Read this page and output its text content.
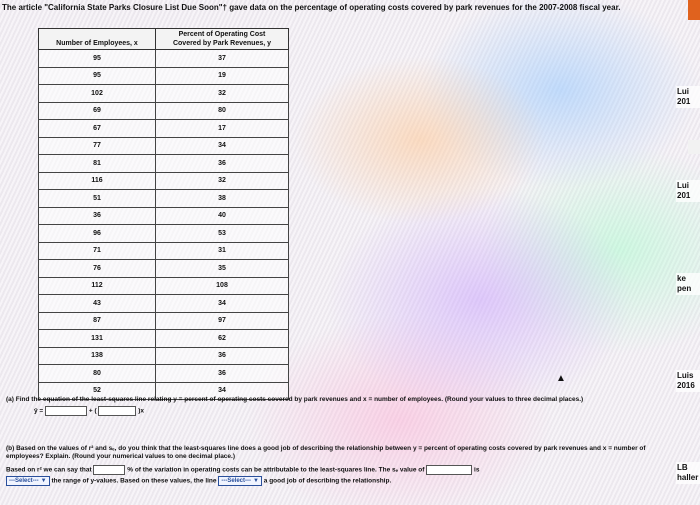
The article "California State Parks Closure List Due Soon"† gave data on the percentage of operating costs covered by park revenues for the 2007-2008 fiscal year.
Number of Employees, x	Percent of Operating Cost
Covered by Park Revenues, y

95	37
95	19
102	32
69	80
67	17
77	34
81	36
116	32
51	38
36	40
96	53
71	31
76	35
112	108
43	34
87	97
131	62
138	36
80	36
52	34
(a) Find the equation of the least-squares line relating y = percent of operating costs covered by park revenues and x = number of employees. (Round your values to three decimal places.)
ŷ =	+ (	)x
(b) Based on the values of r² and sₑ, do you think that the least-squares line does a good job of describing the relationship between y = percent of operating costs covered by park revenues and x = number of employees? Explain. (Round your numerical values to one decimal place.)
Based on r² we can say that	% of the variation in operating costs can be attributable to the least-squares line. The sₑ value of	is
---Select--- ▼ the range of y-values. Based on these values, the line ---Select--- ▼ a good job of describing the relationship.
Lui 201
Lui 201
ke pen
Luis 2016
LB haller
▲
